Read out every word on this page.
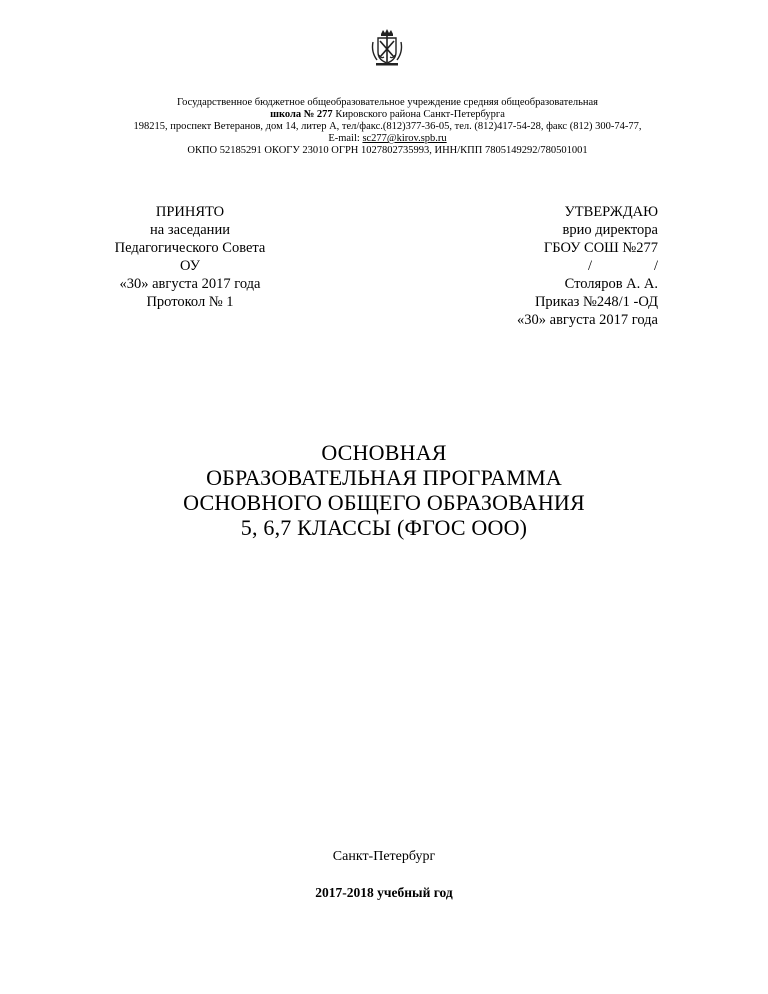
Государственное бюджетное общеобразовательное учреждение средняя общеобразовательная
школа № 277 Кировского района Санкт-Петербурга
198215, проспект Ветеранов, дом 14, литер А, тел/факс.(812)377-36-05, тел. (812)417-54-28, факс (812) 300-74-77,
E-mail: sc277@kirov.spb.ru
ОКПО 52185291 ОКОГУ 23010 ОГРН 1027802735993, ИНН/КПП 7805149292/780501001
ПРИНЯТО
на заседании
Педагогического Совета
ОУ
«30» августа 2017 года
Протокол № 1
УТВЕРЖДАЮ
врио директора
ГБОУ СОШ №277
/	/
Столяров А. А.
Приказ №248/1 -ОД
«30» августа 2017 года
ОСНОВНАЯ
ОБРАЗОВАТЕЛЬНАЯ ПРОГРАММА
ОСНОВНОГО ОБЩЕГО ОБРАЗОВАНИЯ
5, 6,7 КЛАССЫ (ФГОС ООО)
Санкт-Петербург
2017-2018 учебный год
